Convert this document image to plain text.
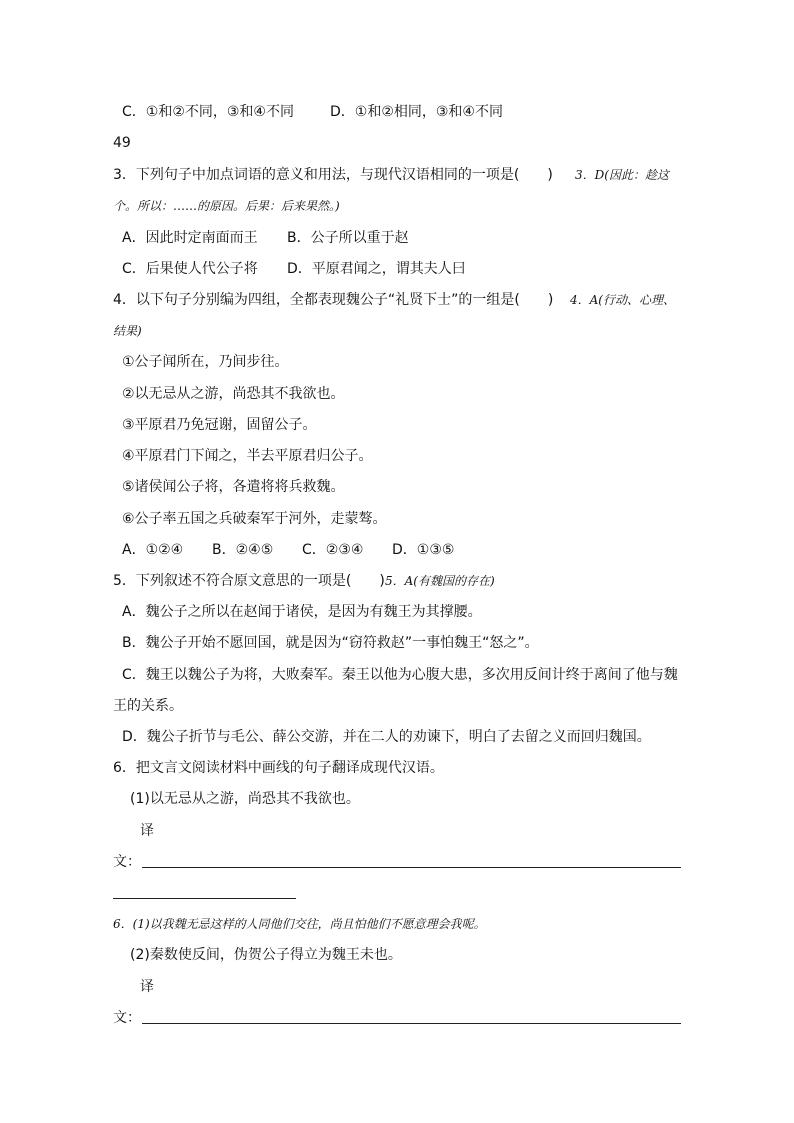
C．①和②不同，③和④不同	D．①和②相同，③和④不同
49
3．下列句子中加点词语的意义和用法，与现代汉语相同的一项是(　　) 3．D(因此：趁这
个。所以：……的原因。后果：后来果然。)
A．因此时定南面而王 B．公子所以重于赵
C．后果使人代公子将 D．平原君闻之，谓其夫人曰
4．以下句子分别编为四组，全都表现魏公子“礼贤下士”的一组是(　　) 4．A(行动、心理、
结果)
①公子闻所在，乃间步往。
②以无忌从之游，尚恐其不我欲也。
③平原君乃免冠谢，固留公子。
④平原君门下闻之，半去平原君归公子。
⑤诸侯闻公子将，各遣将将兵救魏。
⑥公子率五国之兵破秦军于河外，走蒙骜。
A．①②④ B．②④⑤ C．②③④ D．①③⑤
5．下列叙述不符合原文意思的一项是(　　) 5．A(有魏国的存在)
A．魏公子之所以在赵闻于诸侯，是因为有魏王为其撑腰。
B．魏公子开始不愿回国，就是因为“窃符救赵”一事怕魏王“怒之”。
C．魏王以魏公子为将，大败秦军。秦王以他为心腹大患，多次用反间计终于离间了他与魏
王的关系。
D．魏公子折节与毛公、薛公交游，并在二人的劝谏下，明白了去留之义而回归魏国。
6．把文言文阅读材料中画线的句子翻译成现代汉语。
(1)以无忌从之游，尚恐其不我欲也。
译
文：
6．(1)以我魏无忌这样的人同他们交往，尚且怕他们不愿意理会我呢。
(2)秦数使反间，伪贺公子得立为魏王未也。
译
文：
